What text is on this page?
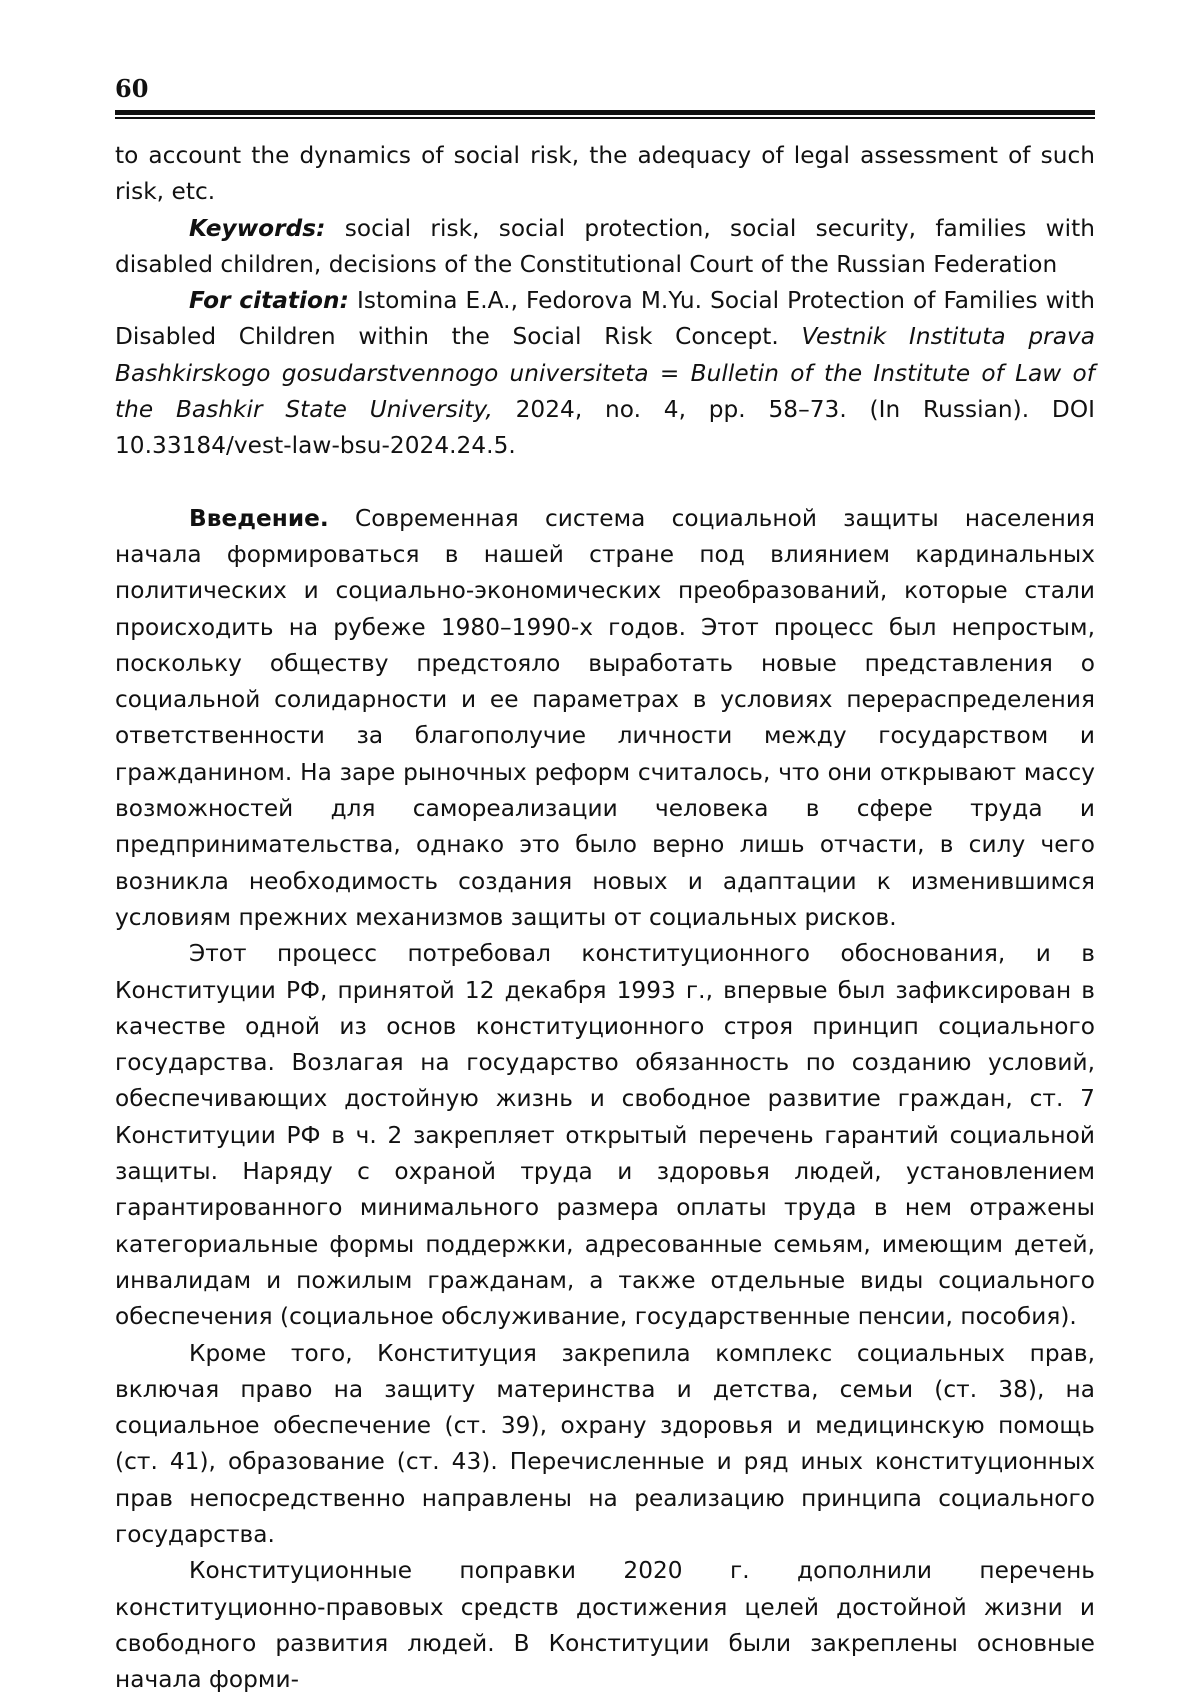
60

to account the dynamics of social risk, the adequacy of legal assessment of such risk, etc.

Keywords: social risk, social protection, social security, families with disabled children, decisions of the Constitutional Court of the Russian Federation

For citation: Istomina E.A., Fedorova M.Yu. Social Protection of Families with Disabled Children within the Social Risk Concept. Vestnik Instituta prava Bashkirskogo gosudarstvennogo universiteta = Bulletin of the Institute of Law of the Bashkir State University, 2024, no. 4, pp. 58–73. (In Russian). DOI 10.33184/vest-law-bsu-2024.24.5.

Введение. Современная система социальной защиты населения начала формироваться в нашей стране под влиянием кардинальных политических и социально-экономических преобразований, которые стали происходить на рубеже 1980–1990-х годов. Этот процесс был непростым, поскольку обществу предстояло выработать новые представления о социальной солидарности и ее параметрах в условиях перераспределения ответственности за благополучие личности между государством и гражданином. На заре рыночных реформ считалось, что они открывают массу возможностей для самореализации человека в сфере труда и предпринимательства, однако это было верно лишь отчасти, в силу чего возникла необходимость создания новых и адаптации к изменившимся условиям прежних механизмов защиты от социальных рисков.

Этот процесс потребовал конституционного обоснования, и в Конституции РФ, принятой 12 декабря 1993 г., впервые был зафиксирован в качестве одной из основ конституционного строя принцип социального государства. Возлагая на государство обязанность по созданию условий, обеспечивающих достойную жизнь и свободное развитие граждан, ст. 7 Конституции РФ в ч. 2 закрепляет открытый перечень гарантий социальной защиты. Наряду с охраной труда и здоровья людей, установлением гарантированного минимального размера оплаты труда в нем отражены категориальные формы поддержки, адресованные семьям, имеющим детей, инвалидам и пожилым гражданам, а также отдельные виды социального обеспечения (социальное обслуживание, государственные пенсии, пособия).

Кроме того, Конституция закрепила комплекс социальных прав, включая право на защиту материнства и детства, семьи (ст. 38), на социальное обеспечение (ст. 39), охрану здоровья и медицинскую помощь (ст. 41), образование (ст. 43). Перечисленные и ряд иных конституционных прав непосредственно направлены на реализацию принципа социального государства.

Конституционные поправки 2020 г. дополнили перечень конституционно-правовых средств достижения целей достойной жизни и свободного развития людей. В Конституции были закреплены основные начала форми-
